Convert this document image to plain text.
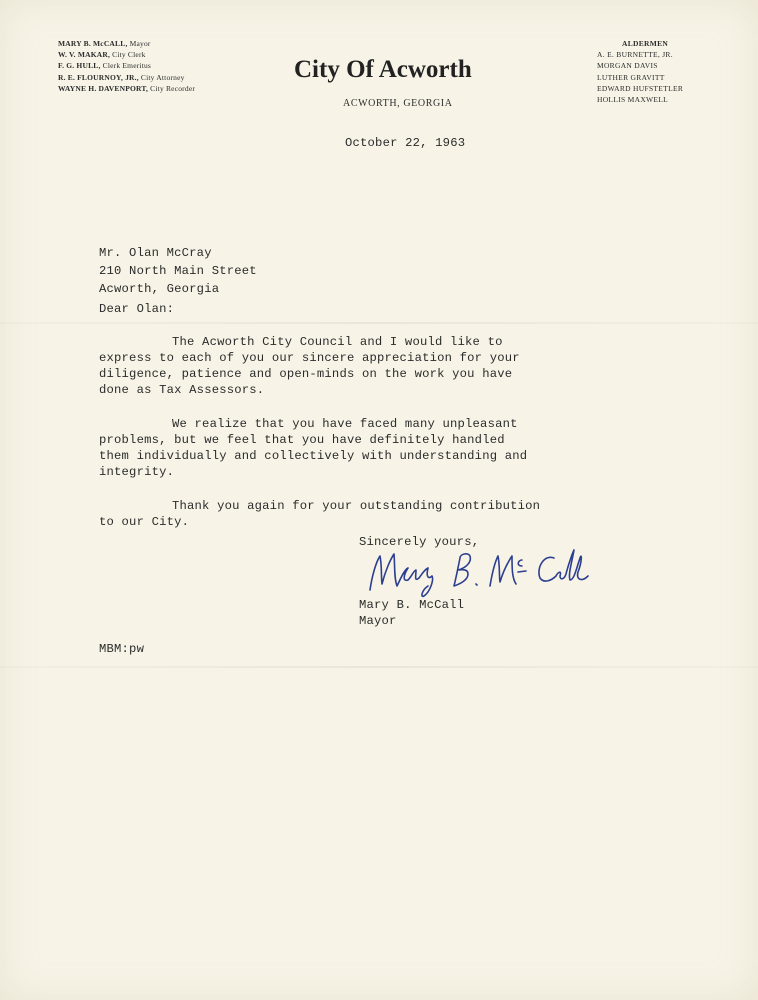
MARY B. McCALL, Mayor
W. V. MAKAR, City Clerk
F. G. HULL, Clerk Emeritus
R. E. FLOURNOY, JR., City Attorney
WAYNE H. DAVENPORT, City Recorder
City Of Acworth
ACWORTH, GEORGIA
ALDERMEN
A. E. BURNETTE, JR.
MORGAN DAVIS
LUTHER GRAVITT
EDWARD HUFSTETLER
HOLLIS MAXWELL
October 22, 1963
Mr. Olan McCray
210 North Main Street
Acworth, Georgia
Dear Olan:
The Acworth City Council and I would like to
express to each of you our sincere appreciation for your
diligence, patience and open-minds on the work you have
done as Tax Assessors.
We realize that you have faced many unpleasant
problems, but we feel that you have definitely handled
them individually and collectively with understanding and
integrity.
Thank you again for your outstanding contribution
to our City.
Sincerely yours,
Mary B. McCall
Mayor
MBM:pw
